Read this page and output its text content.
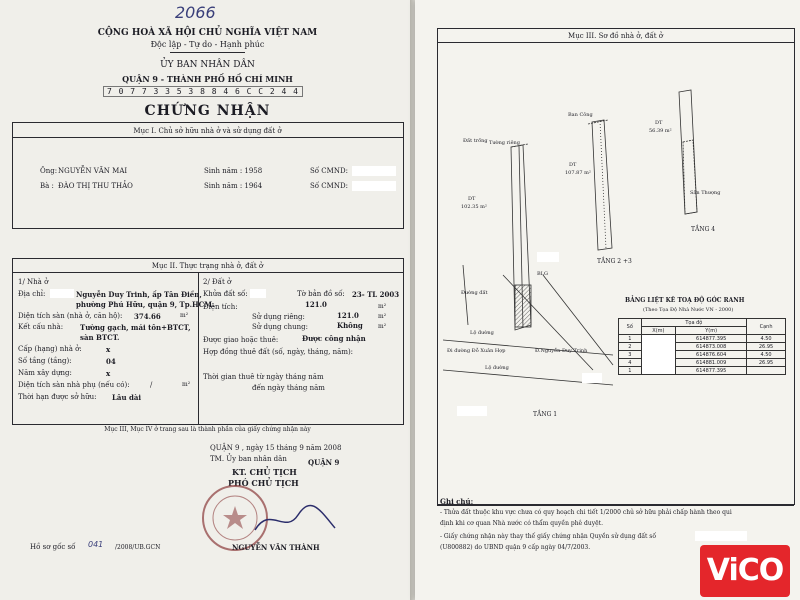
2066
CỘNG HOÀ XÃ HỘI CHỦ NGHĨA VIỆT NAM
Độc lập - Tự do - Hạnh phúc
ỦY BAN NHÂN DÂN
QUẬN 9 - THÀNH PHỐ HỒ CHÍ MINH
7 0 7 7 3 3 5 3 8 8 4 6 C C 2 4 4
CHỨNG NHẬN
Mục I. Chủ sở hữu nhà ở và sử dụng đất ở
Ông: NGUYỄN VĂN MAI	Sinh năm : 1958	Số CMND:
Bà : ĐÀO THỊ THU THẢO	Sinh năm : 1964	Số CMND:
Mục II. Thực trạng nhà ở, đất ở
1/ Nhà ở
Địa chỉ:	Nguyễn Duy Trinh, ấp Tân Điền,
phường Phú Hữu, quận 9, Tp.HCM.
Diện tích sàn (nhà ở, căn hộ): 374.66	m²
Kết cấu nhà: Tường gạch, mái tôn+BTCT,
sàn BTCT.
Cấp (hạng) nhà ở:	x
Số tầng (tầng):	04
Năm xây dựng:	x
Diện tích sàn nhà phụ (nếu có):	/	m²
Thời hạn được sở hữu: Lâu dài
2/ Đất ở
Khửa đất số:	Tờ bản đồ số: 23- TL 2003
Diện tích:	121.0	m²
Sử dụng riêng:	121.0	m²
Sử dụng chung:	Không	m²
Được giao hoặc thuê:	Được công nhận
Hợp đồng thuê đất (số, ngày, tháng, năm):
Thời gian thuê từ ngày tháng năm
đến ngày tháng năm
Mục III, Mục IV ở trang sau là thành phần của giấy chứng nhận này
QUẬN 9 , ngày 15 tháng 9 năm 2008
TM. Ủy ban nhân dân	QUẬN 9
KT. CHỦ TỊCH
PHÓ CHỦ TỊCH
NGUYỄN VĂN THÀNH
Hồ sơ gốc số 041 /2008/UB.GCN
Mục III. Sơ đồ nhà ở, đất ở
Đất trống Tường riêng
DT
102.35 m²
BLG
Đường đất
Lộ đường
Đi đường Đỗ Xuân Hợp	Đ.Nguyễn Duy Trinh
Lộ đường
TẦNG 1
Ban Công
DT
107.87 m²
TẦNG 2 +3
DT
56.39 m²
Sân Thượng
TẦNG 4
BẢNG LIỆT KÊ TOẠ ĐỘ GÓC RANH
(Theo Tọa Độ Nhà Nước VN - 2000)
Số	Tọa độ		Cạnh
	X(m)	Y(m)	
1		614877.395	4.50
2		614873.008	26.95
3		614876.604	4.50
4		614881.009	26.95
1		614877.395	
Ghi chú:
- Thửa đất thuộc khu vực chưa có quy hoạch chi tiết 1/2000 chủ sở hữu phải chấp hành theo qui
định khi cơ quan Nhà nước có thẩm quyền phê duyệt.
- Giấy chứng nhận này thay thế giấy chứng nhận Quyền sử dụng đất số
(U800882) do UBND quận 9 cấp ngày 04/7/2003.
ViCO
